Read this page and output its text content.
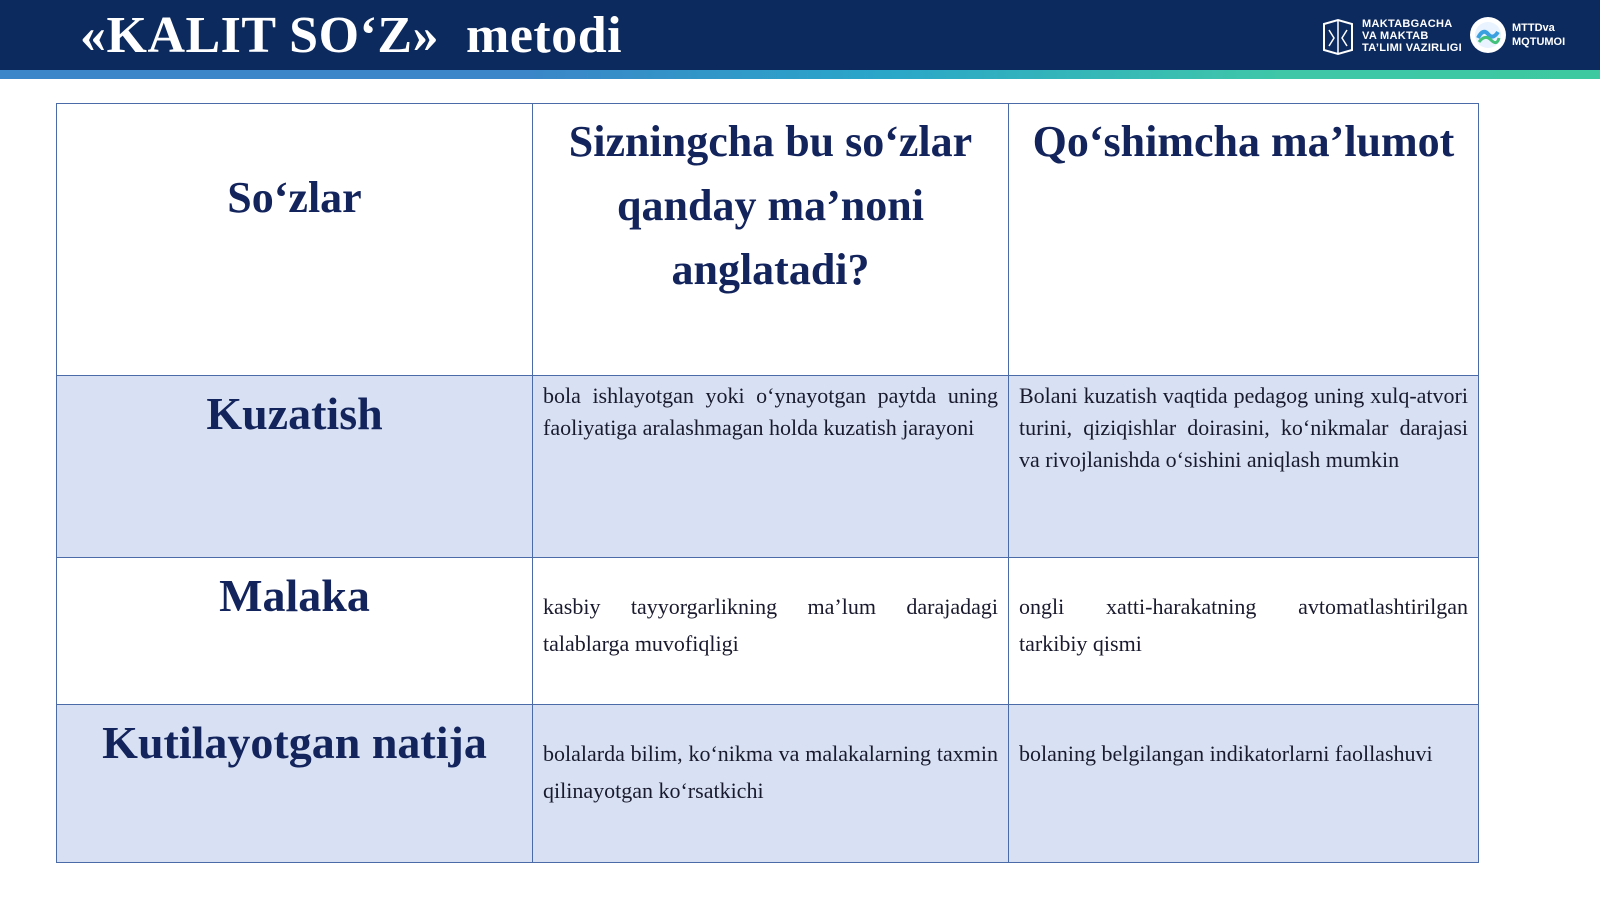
«KALIT SO‘Z»  metodi	MAKTABGACHA
VA MAKTAB
TA’LIMI VAZIRLIGI
MTTDva
MQTUMOI
So‘zlar	Sizningcha bu so‘zlar qanday ma’noni anglatadi?	Qo‘shimcha ma’lumot

Kuzatish	bola ishlayotgan yoki o‘ynayotgan paytda uning faoliyatiga aralashmagan holda kuzatish jarayoni	Bolani kuzatish vaqtida pedagog uning xulq-atvori turini, qiziqishlar doirasini, ko‘nikmalar darajasi va rivojlanishda o‘sishini aniqlash mumkin

Malaka	kasbiy tayyorgarlikning ma’lum darajadagi talablarga muvofiqligi	ongli xatti-harakatning avtomatlashtirilgan tarkibiy qismi

Kutilayotgan natija	bolalarda bilim, ko‘nikma va malakalarning taxmin qilinayotgan ko‘rsatkichi	bolaning belgilangan indikatorlarni faollashuvi
